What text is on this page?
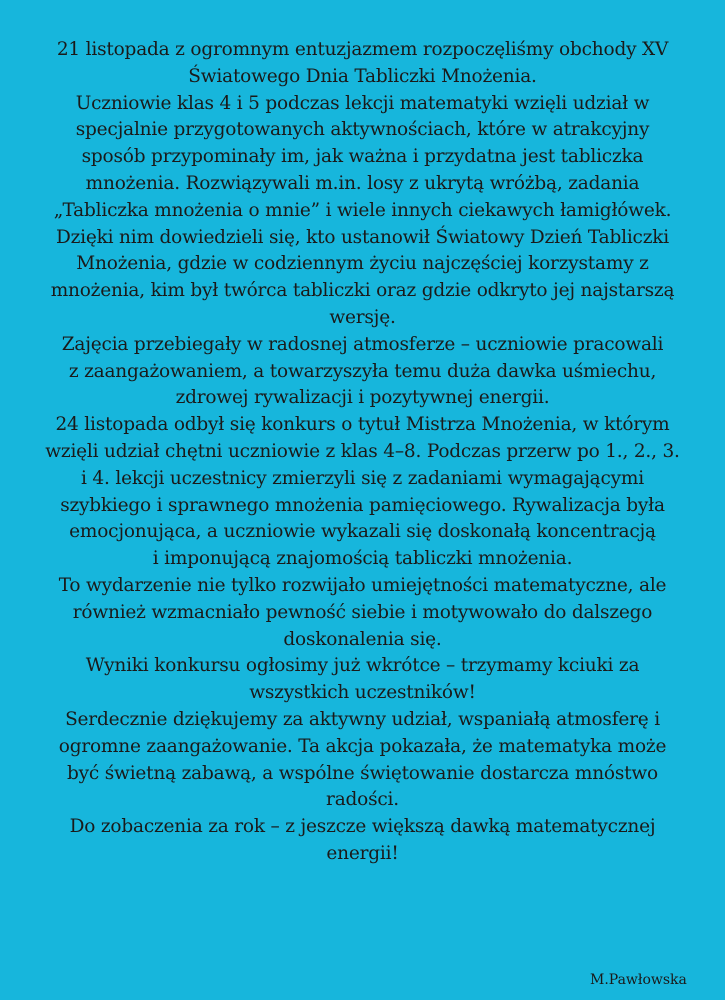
21 listopada z ogromnym entuzjazmem rozpoczęliśmy obchody XV
Światowego Dnia Tabliczki Mnożenia.
Uczniowie klas 4 i 5 podczas lekcji matematyki wzięli udział w
specjalnie przygotowanych aktywnościach, które w atrakcyjny
sposób przypominały im, jak ważna i przydatna jest tabliczka
mnożenia. Rozwiązywali m.in. losy z ukrytą wróżbą, zadania
„Tabliczka mnożenia o mnie” i wiele innych ciekawych łamigłówek.
Dzięki nim dowiedzieli się, kto ustanowił Światowy Dzień Tabliczki
Mnożenia, gdzie w codziennym życiu najczęściej korzystamy z
mnożenia, kim był twórca tabliczki oraz gdzie odkryto jej najstarszą
wersję.
Zajęcia przebiegały w radosnej atmosferze – uczniowie pracowali
z zaangażowaniem, a towarzyszyła temu duża dawka uśmiechu,
zdrowej rywalizacji i pozytywnej energii.
24 listopada odbył się konkurs o tytuł Mistrza Mnożenia, w którym
wzięli udział chętni uczniowie z klas 4–8. Podczas przerw po 1., 2., 3.
i 4. lekcji uczestnicy zmierzyli się z zadaniami wymagającymi
szybkiego i sprawnego mnożenia pamięciowego. Rywalizacja była
emocjonująca, a uczniowie wykazali się doskonałą koncentracją
i imponującą znajomością tabliczki mnożenia.
To wydarzenie nie tylko rozwijało umiejętności matematyczne, ale
również wzmacniało pewność siebie i motywowało do dalszego
doskonalenia się.
Wyniki konkursu ogłosimy już wkrótce – trzymamy kciuki za
wszystkich uczestników!
Serdecznie dziękujemy za aktywny udział, wspaniałą atmosferę i
ogromne zaangażowanie. Ta akcja pokazała, że matematyka może
być świetną zabawą, a wspólne świętowanie dostarcza mnóstwo
radości.
Do zobaczenia za rok – z jeszcze większą dawką matematycznej
energii!
M.Pawłowska
